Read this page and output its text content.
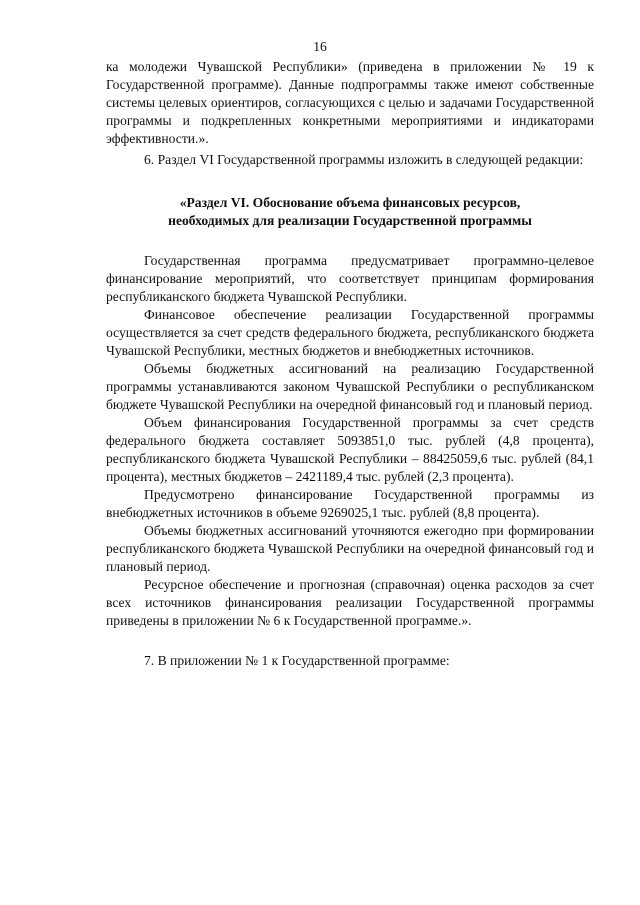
16

ка молодежи Чувашской Республики» (приведена в приложении № 19 к Государственной программе). Данные подпрограммы также имеют собственные системы целевых ориентиров, согласующихся с целью и задачами Государственной программы и подкрепленных конкретными мероприятиями и индикаторами эффективности.».

6. Раздел VI Государственной программы изложить в следующей редакции:

«Раздел VI. Обоснование объема финансовых ресурсов,
необходимых для реализации Государственной программы

Государственная программа предусматривает программно-целевое финансирование мероприятий, что соответствует принципам формирования республиканского бюджета Чувашской Республики.

Финансовое обеспечение реализации Государственной программы осуществляется за счет средств федерального бюджета, республиканского бюджета Чувашской Республики, местных бюджетов и внебюджетных источников.

Объемы бюджетных ассигнований на реализацию Государственной программы устанавливаются законом Чувашской Республики о республиканском бюджете Чувашской Республики на очередной финансовый год и плановый период.

Объем финансирования Государственной программы за счет средств федерального бюджета составляет 5093851,0 тыс. рублей (4,8 процента), республиканского бюджета Чувашской Республики – 88425059,6 тыс. рублей (84,1 процента), местных бюджетов – 2421189,4 тыс. рублей (2,3 процента).

Предусмотрено финансирование Государственной программы из внебюджетных источников в объеме 9269025,1 тыс. рублей (8,8 процента).

Объемы бюджетных ассигнований уточняются ежегодно при формировании республиканского бюджета Чувашской Республики на очередной финансовый год и плановый период.

Ресурсное обеспечение и прогнозная (справочная) оценка расходов за счет всех источников финансирования реализации Государственной программы приведены в приложении № 6 к Государственной программе.».

7. В приложении № 1 к Государственной программе:
